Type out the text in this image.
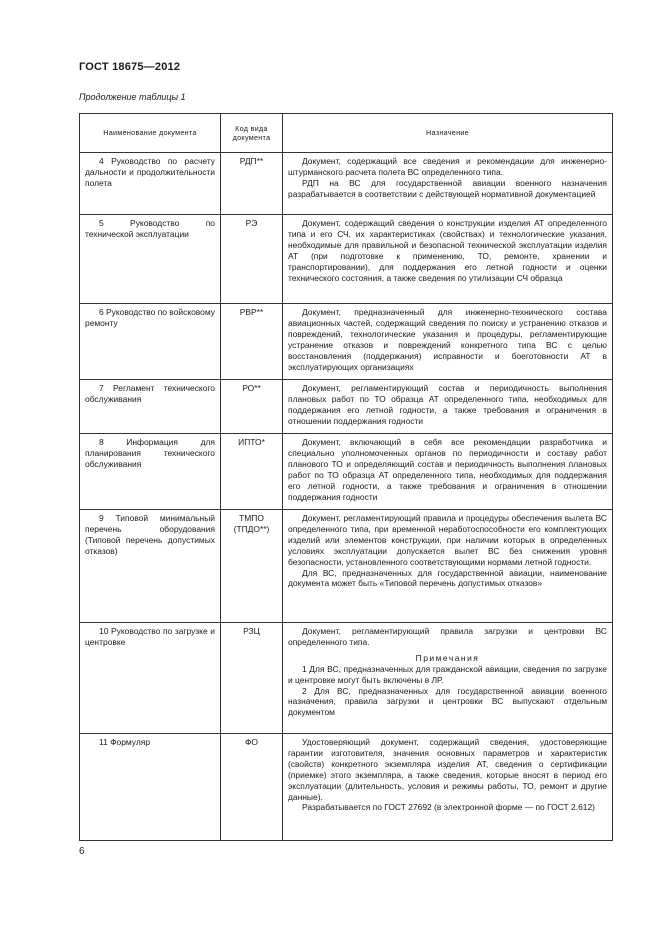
ГОСТ 18675—2012
Продолжение таблицы 1
Наименование документа	Код вида документа	Назначение
4 Руководство по расчету дальности и продолжительности полета	РДП**	Документ, содержащий все сведения и рекомендации для инженерно-штурманского расчета полета ВС определенного типа.

РДП на ВС для государственной авиации военного назначения разрабатывается в соответствии с действующей нормативной документацией

5 Руководство по технической эксплуатации	РЭ	Документ, содержащий сведения о конструкции изделия АТ определенного типа и его СЧ, их характеристиках (свойствах) и технологические указания, необходимые для правильной и безопасной технической эксплуатации изделия АТ (при подготовке к применению, ТО, ремонте, хранении и транспортировании), для поддержания его летной годности и оценки технического состояния, а также сведения по утилизации СЧ образца

6 Руководство по войсковому ремонту	РВР**	Документ, предназначенный для инженерно-технического состава авиационных частей, содержащий сведения по поиску и устранению отказов и повреждений, технологические указания и процедуры, регламентирующие устранение отказов и повреждений конкретного типа ВС с целью восстановления (поддержания) исправности и боеготовности АТ в эксплуатирующих организациях

7 Регламент технического обслуживания	РО**	Документ, регламентирующий состав и периодичность выполнения плановых работ по ТО образца АТ определенного типа, необходимых для поддержания его летной годности, а также требования и ограничения в отношении поддержания годности

8 Информация для планирования технического обслуживания	ИПТО*	Документ, включающий в себя все рекомендации разработчика и специально уполномоченных органов по периодичности и составу работ планового ТО и определяющий состав и периодичность выполнения плановых работ по ТО образца АТ определенного типа, необходимых для поддержания его летной годности, а также требования и ограничения в отношении поддержания годности

9 Типовой минимальный перечень оборудования (Типовой перечень допустимых отказов)	ТМПО (ТПДО**)	Документ, регламентирующий правила и процедуры обеспечения вылета ВС определенного типа, при временной неработоспособности его комплектующих изделий или элементов конструкции, при наличии которых в определенных условиях эксплуатации допускается вылет ВС без снижения уровня безопасности, установленного соответствующими нормами летной годности.

Для ВС, предназначенных для государственной авиации, наименование документа может быть «Типовой перечень допустимых отказов»

10 Руководство по загрузке и центровке	РЗЦ	Документ, регламентирующий правила загрузки и центровки ВС определенного типа.

Примечания

1 Для ВС, предназначенных для гражданской авиации, сведения по загрузке и центровке могут быть включены в ЛР.

2 Для ВС, предназначенных для государственной авиации военного назначения, правила загрузки и центровки ВС выпускают отдельным документом

11 Формуляр	ФО	Удостоверяющий документ, содержащий сведения, удостоверяющие гарантии изготовителя, значения основных параметров и характеристик (свойств) конкретного экземпляра изделия АТ, сведения о сертификации (приемке) этого экземпляра, а также сведения, которые вносят в период его эксплуатации (длительность, условия и режимы работы, ТО, ремонт и другие данные).

Разрабатывается по ГОСТ 27692 (в электронной форме — по ГОСТ 2.612)

6
